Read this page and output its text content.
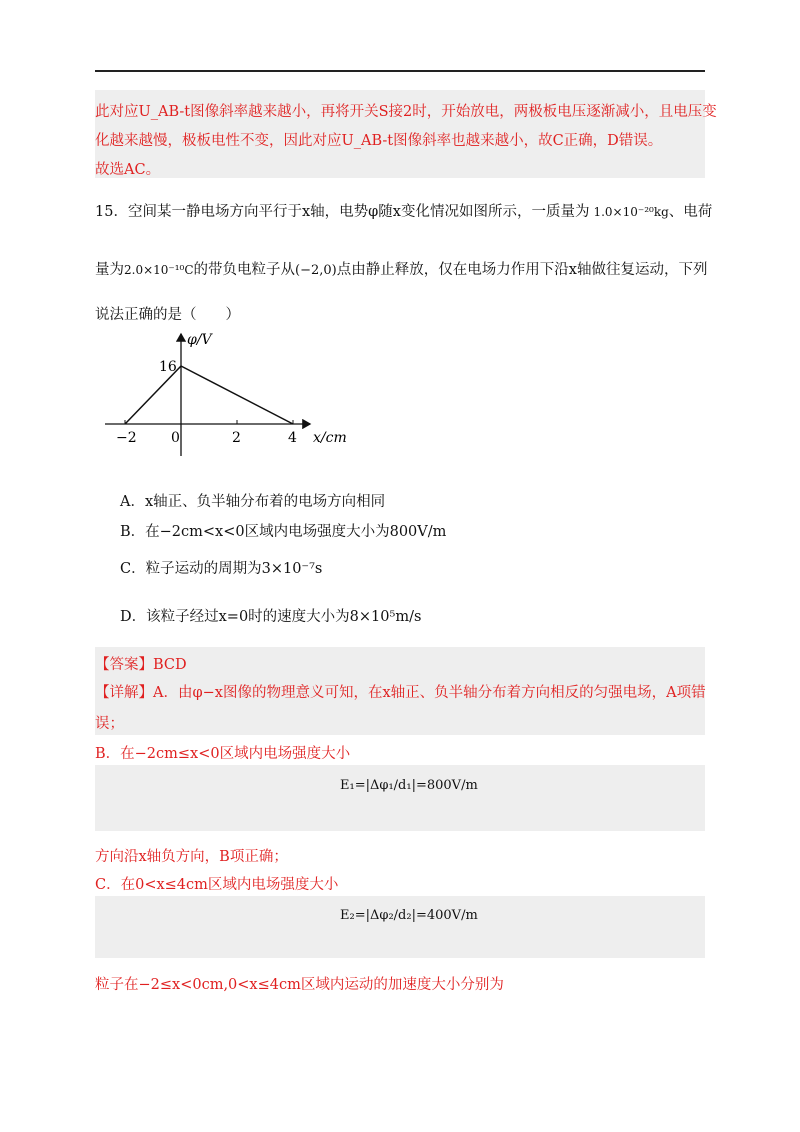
此对应U_AB-t图像斜率越来越小，再将开关S接2时，开始放电，两极板电压逐渐减小，且电压变
化越来越慢，极板电性不变，因此对应U_AB-t图像斜率也越来越小，故C正确，D错误。
故选AC。
15．空间某一静电场方向平行于x轴，电势φ随x变化情况如图所示，一质量为 1.0×10⁻²⁰kg、电荷
量为2.0×10⁻¹⁰C的带负电粒子从(−2,0)点由静止释放，仅在电场力作用下沿x轴做往复运动，下列
说法正确的是（　　）
φ/V
x/cm
16
−2 0	2	4
A．x轴正、负半轴分布着的电场方向相同
B．在−2cm<x<0区域内电场强度大小为800V/m
C．粒子运动的周期为3×10⁻⁷s
D．该粒子经过x=0时的速度大小为8×10⁵m/s
【答案】BCD
【详解】A．由φ−x图像的物理意义可知，在x轴正、负半轴分布着方向相反的匀强电场，A项错
误；
B．在−2cm≤x<0区域内电场强度大小
E₁=|Δφ₁/d₁|=800V/m
方向沿x轴负方向，B项正确；
C．在0<x≤4cm区域内电场强度大小
E₂=|Δφ₂/d₂|=400V/m
粒子在−2≤x<0cm,0<x≤4cm区域内运动的加速度大小分别为
